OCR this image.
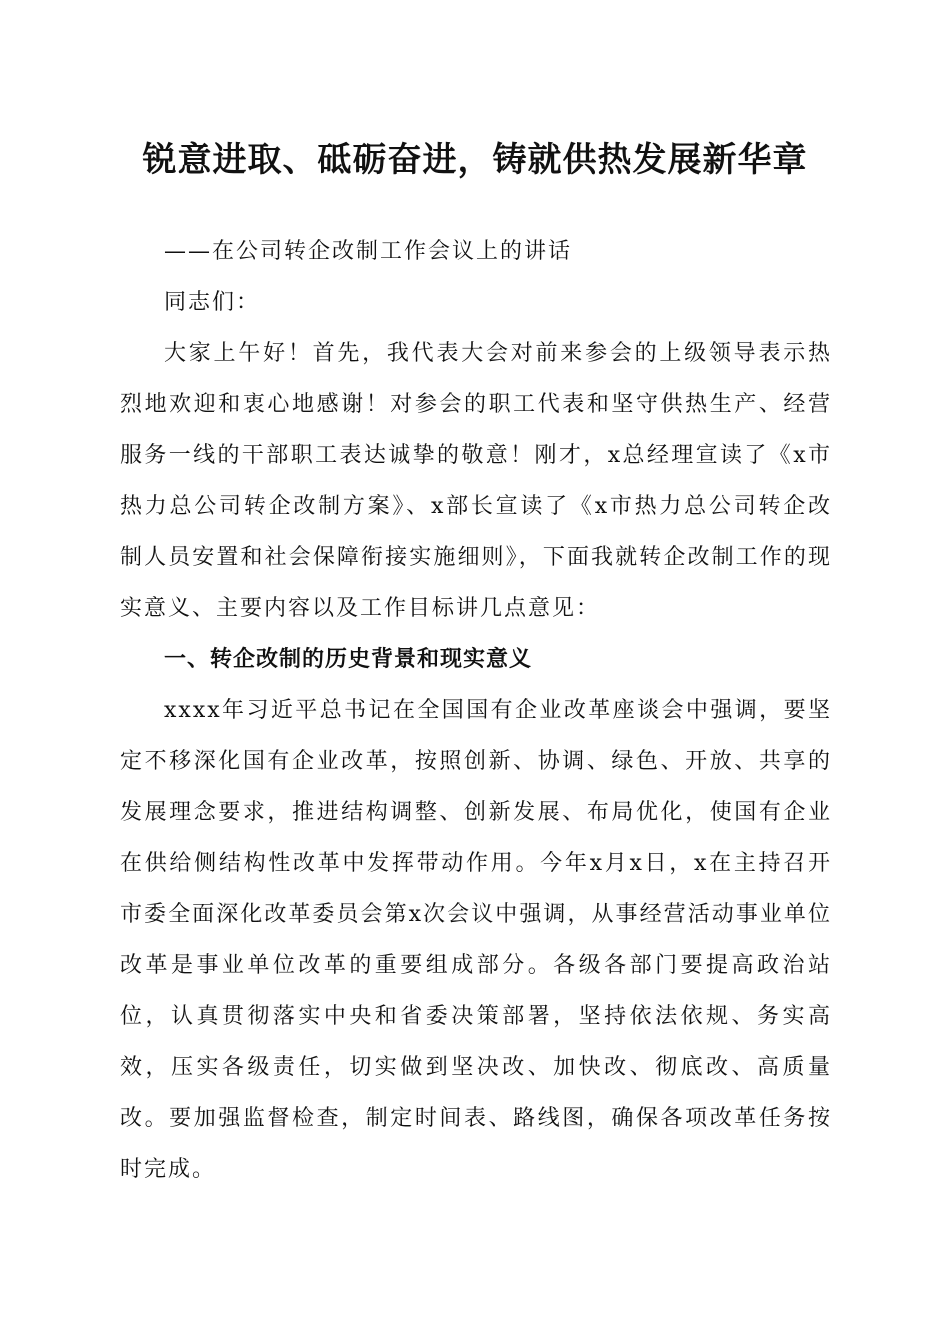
锐意进取、砥砺奋进，铸就供热发展新华章

——在公司转企改制工作会议上的讲话

同志们：

大家上午好！首先，我代表大会对前来参会的上级领导表示热烈地欢迎和衷心地感谢！对参会的职工代表和坚守供热生产、经营服务一线的干部职工表达诚挚的敬意！刚才，x总经理宣读了《x市热力总公司转企改制方案》、x部长宣读了《x市热力总公司转企改制人员安置和社会保障衔接实施细则》，下面我就转企改制工作的现实意义、主要内容以及工作目标讲几点意见：

一、转企改制的历史背景和现实意义

xxxx年习近平总书记在全国国有企业改革座谈会中强调，要坚定不移深化国有企业改革，按照创新、协调、绿色、开放、共享的发展理念要求，推进结构调整、创新发展、布局优化，使国有企业在供给侧结构性改革中发挥带动作用。今年x月x日，x在主持召开市委全面深化改革委员会第x次会议中强调，从事经营活动事业单位改革是事业单位改革的重要组成部分。各级各部门要提高政治站位，认真贯彻落实中央和省委决策部署，坚持依法依规、务实高效，压实各级责任，切实做到坚决改、加快改、彻底改、高质量改。要加强监督检查，制定时间表、路线图，确保各项改革任务按时完成。
